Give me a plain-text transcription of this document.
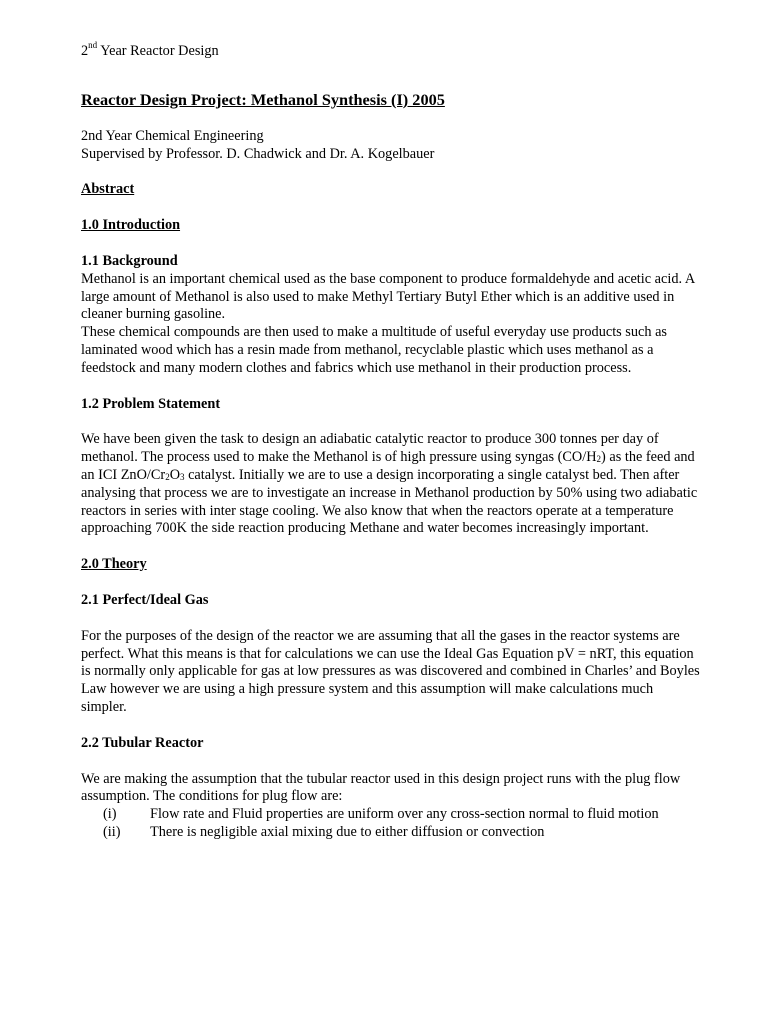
2nd Year Reactor Design

Reactor Design Project: Methanol Synthesis (I) 2005

2nd Year Chemical Engineering

Supervised by Professor. D. Chadwick and Dr. A. Kogelbauer

Abstract

1.0 Introduction

1.1 Background

Methanol is an important chemical used as the base component to produce formaldehyde and acetic acid. A large amount of Methanol is also used to make Methyl Tertiary Butyl Ether which is an additive used in cleaner burning gasoline.

These chemical compounds are then used to make a multitude of useful everyday use products such as laminated wood which has a resin made from methanol, recyclable plastic which uses methanol as a feedstock and many modern clothes and fabrics which use methanol in their production process.

1.2 Problem Statement

We have been given the task to design an adiabatic catalytic reactor to produce 300 tonnes per day of methanol. The process used to make the Methanol is of high pressure using syngas $(CO/H_2)$ as the feed and an ICI ZnO/$Cr_2O_3$ catalyst. Initially we are to use a design incorporating a single catalyst bed. Then after analysing that process we are to investigate an increase in Methanol production by 50% using two adiabatic reactors in series with inter stage cooling. We also know that when the reactors operate at a temperature approaching 700K the side reaction producing Methane and water becomes increasingly important.

2.0 Theory

2.1 Perfect/Ideal Gas

For the purposes of the design of the reactor we are assuming that all the gases in the reactor systems are perfect. What this means is that for calculations we can use the Ideal Gas Equation pV = nRT, this equation is normally only applicable for gas at low pressures as was discovered and combined in Charles’ and Boyles Law however we are using a high pressure system and this assumption will make calculations much simpler.

2.2 Tubular Reactor

We are making the assumption that the tubular reactor used in this design project runs with the plug flow assumption. The conditions for plug flow are:

(i)	Flow rate and Fluid properties are uniform over any cross-section normal to fluid motion
(ii)	There is negligible axial mixing due to either diffusion or convection
